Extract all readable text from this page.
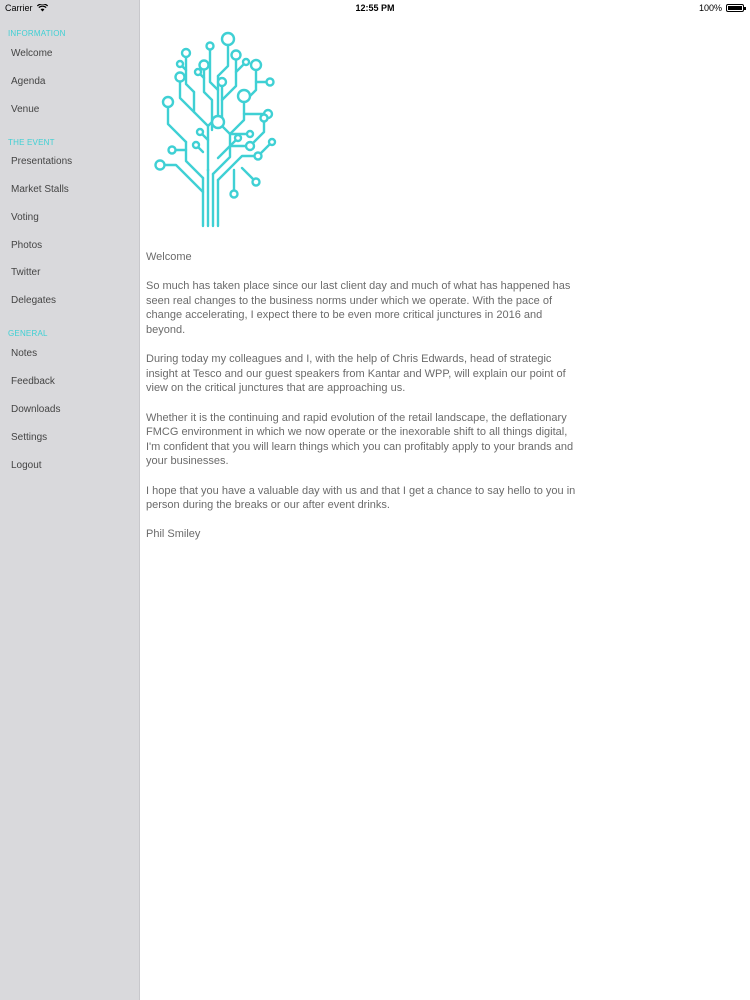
Carrier	12:55 PM	100%
INFORMATION
Welcome
Agenda
Venue
THE EVENT
Presentations
Market Stalls
Voting
Photos
Twitter
Delegates
GENERAL
Notes
Feedback
Downloads
Settings
Logout

Welcome

So much has taken place since our last client day and much of what has happened has seen real changes to the business norms under which we operate. With the pace of change accelerating, I expect there to be even more critical junctures in 2016 and beyond.

During today my colleagues and I, with the help of Chris Edwards, head of strategic insight at Tesco and our guest speakers from Kantar and WPP, will explain our point of view on the critical junctures that are approaching us.

Whether it is the continuing and rapid evolution of the retail landscape, the deflationary FMCG environment in which we now operate or the inexorable shift to all things digital, I'm confident that you will learn things which you can profitably apply to your brands and your businesses.

I hope that you have a valuable day with us and that I get a chance to say hello to you in person during the breaks or our after event drinks.

Phil Smiley
